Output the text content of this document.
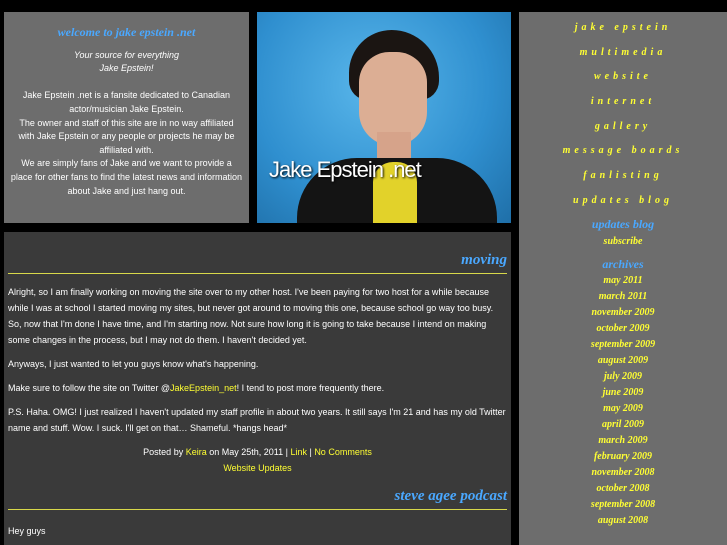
welcome to jake epstein .net
Your source for everything
Jake Epstein!
Jake Epstein .net is a fansite dedicated to Canadian
actor/musician Jake Epstein.
The owner and staff of this site are in no way affiliated
with Jake Epstein or any people or projects he may be
affiliated with.
We are simply fans of Jake and we want to provide a
place for other fans to find the latest news and information
about Jake and just hang out.
Jake Epstein .net
jake epstein
multimedia
website
internet
gallery
message boards
fanlisting
updates blog
updates blog
subscribe
archives
may 2011
march 2011
november 2009
october 2009
september 2009
august 2009
july 2009
june 2009
may 2009
april 2009
march 2009
february 2009
november 2008
october 2008
september 2008
august 2008
moving

Alright, so I am finally working on moving the site over to my other host. I've been paying for two host for a while because while I was at school I started moving my sites, but never got around to moving this one, because school go way too busy. So, now that I'm done I have time, and I'm starting now. Not sure how long it is going to take because I intend on making some changes in the process, but I may not do them. I haven't decided yet.

Anyways, I just wanted to let you guys know what's happening.

Make sure to follow the site on Twitter @JakeEpstein_net! I tend to post more frequently there.

P.S. Haha. OMG! I just realized I haven't updated my staff profile in about two years. It still says I'm 21 and has my old Twitter name and stuff. Wow. I suck. I'll get on that… Shameful. *hangs head*

Posted by Keira on May 25th, 2011 | Link | No Comments
Website Updates
steve agee podcast
Hey guys
